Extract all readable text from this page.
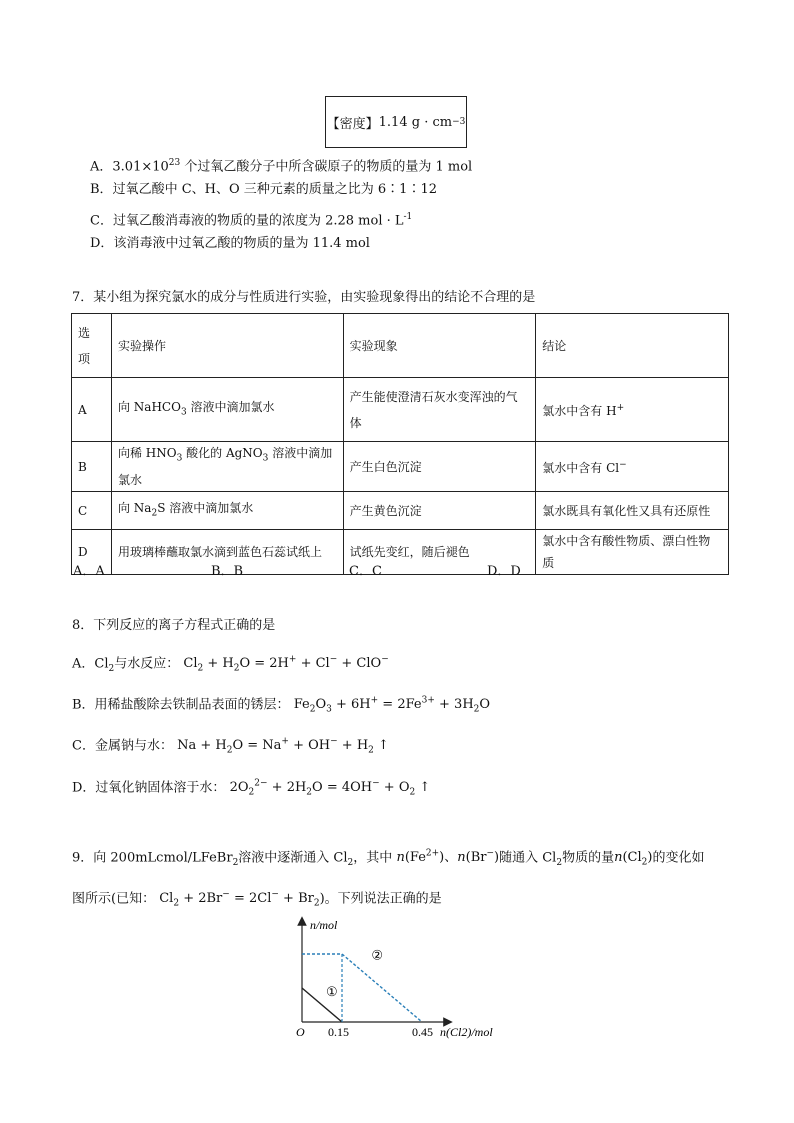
【密度】 1.14 g · cm −3
A．$3.01\times 10^{23}$ 个过氧乙酸分子中所含碳原子的物质的量为 1 mol
B．过氧乙酸中 C、H、O 三种元素的质量之比为 6∶1∶12
C．过氧乙酸消毒液的物质的量的浓度为 2.28 mol · $L^{-1}$
D．该消毒液中过氧乙酸的物质的量为 11.4 mol
7．某小组为探究氯水的成分与性质进行实验，由实验现象得出的结论不合理的是
选项	实验操作	实验现象	结论
A	向 NaHCO$_3$ 溶液中滴加氯水	产生能使澄清石灰水变浑浊的气体	氯水中含有 H+
B	向稀 $HNO_3$ 酸化的 AgNO$_3$ 溶液中滴加氯水	产生白色沉淀	氯水中含有 Cl−
C	向 $Na_2S$ 溶液中滴加氯水	产生黄色沉淀	氯水既具有氧化性又具有还原性
D	用玻璃棒蘸取氯水滴到蓝色石蕊试纸上	试纸先变红，随后褪色	氯水中含有酸性物质、漂白性物质
A．A	B．B	C．C	D．D
8．下列反应的离子方程式正确的是
A．$Cl_2$与水反应： $Cl_2 + H_2O = 2H^+ + Cl^- + ClO^-$
B．用稀盐酸除去铁制品表面的锈层： $Fe_2O_3 + 6H^+ = 2Fe^{3+} + 3H_2O$
C．金属钠与水： $Na + H_2O = Na^+ + OH^- + H_2$ ↑
D．过氧化钠固体溶于水： $2O_2^{2-} + 2H_2O = 4OH^- + O_2$ ↑
9．向 200mLcmol/LFeBr$_2$溶液中逐渐通入 $Cl_2$，其中 $n(Fe^{2+})$、n(Br−)随通入 $Cl_2$物质的量$n(Cl_2)$的变化如
图所示(已知： $Cl_2 + 2Br^- = 2Cl^- + Br_2$)。下列说法正确的是
n/mol
O 0.15	0.45 n(Cl2)/mol
①
②
